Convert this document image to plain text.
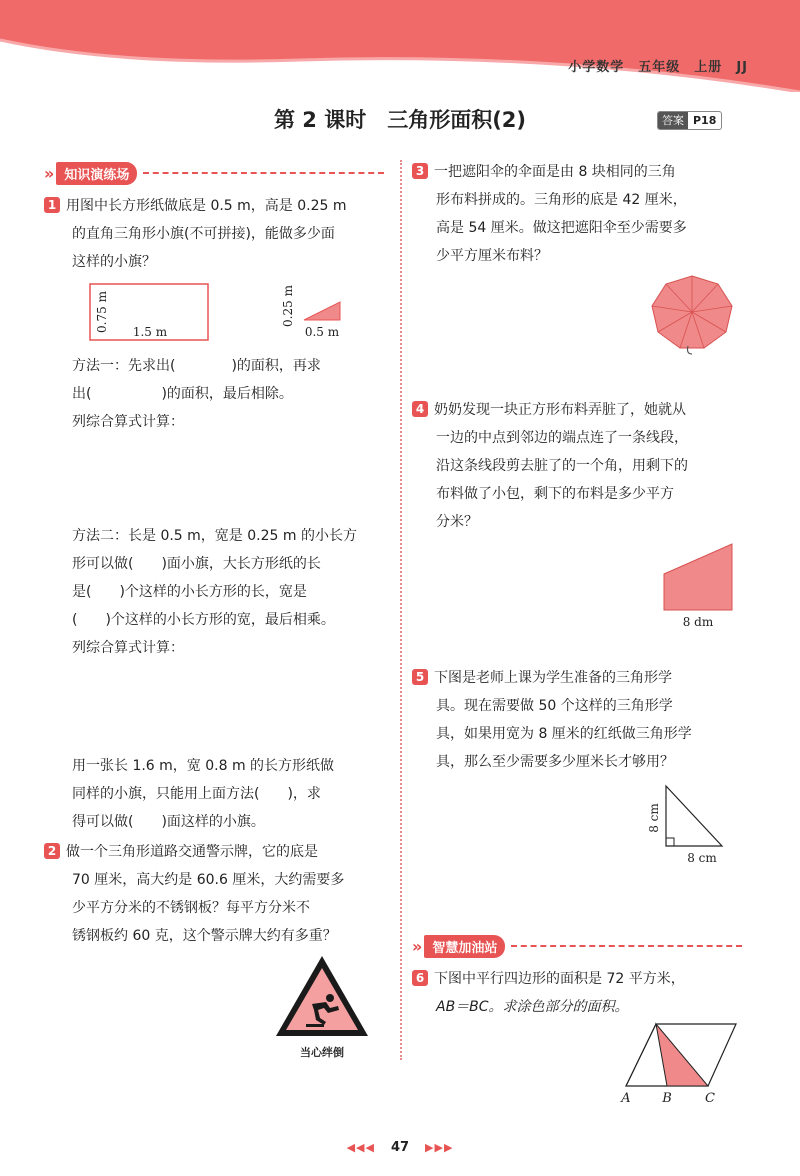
小学数学 五年级 上册 JJ
第 2 课时　三角形面积(2)	答案 P18
» 知识演练场

1 用图中长方形纸做底是 0.5 m，高是 0.25 m

的直角三角形小旗(不可拼接)，能做多少面

这样的小旗？

0.75 m 1.5 m
0.25 m
0.5 m

方法一：先求出(　　　　)的面积，再求

出(　　　　　)的面积，最后相除。

列综合算式计算：

方法二：长是 0.5 m，宽是 0.25 m 的小长方

形可以做(　　)面小旗，大长方形纸的长

是(　　)个这样的小长方形的长，宽是

(　　)个这样的小长方形的宽，最后相乘。

列综合算式计算：

用一张长 1.6 m，宽 0.8 m 的长方形纸做

同样的小旗，只能用上面方法(　　)，求

得可以做(　　)面这样的小旗。

2 做一个三角形道路交通警示牌，它的底是

70 厘米，高大约是 60.6 厘米，大约需要多

少平方分米的不锈钢板？每平方分米不

锈钢板约 60 克，这个警示牌大约有多重？

当心绊倒

3 一把遮阳伞的伞面是由 8 块相同的三角

形布料拼成的。三角形的底是 42 厘米，

高是 54 厘米。做这把遮阳伞至少需要多

少平方厘米布料？

4 奶奶发现一块正方形布料弄脏了，她就从

一边的中点到邻边的端点连了一条线段，

沿这条线段剪去脏了的一个角，用剩下的

布料做了小包，剩下的布料是多少平方

分米？

8 dm

5 下图是老师上课为学生准备的三角形学

具。现在需要做 50 个这样的三角形学

具，如果用宽为 8 厘米的红纸做三角形学

具，那么至少需要多少厘米长才够用？

8 cm
8 cm
» 智慧加油站

6 下图中平行四边形的面积是 72 平方米，

AB＝BC。求涂色部分的面积。

A B	C
◀◀◀ 47 ▶▶▶
